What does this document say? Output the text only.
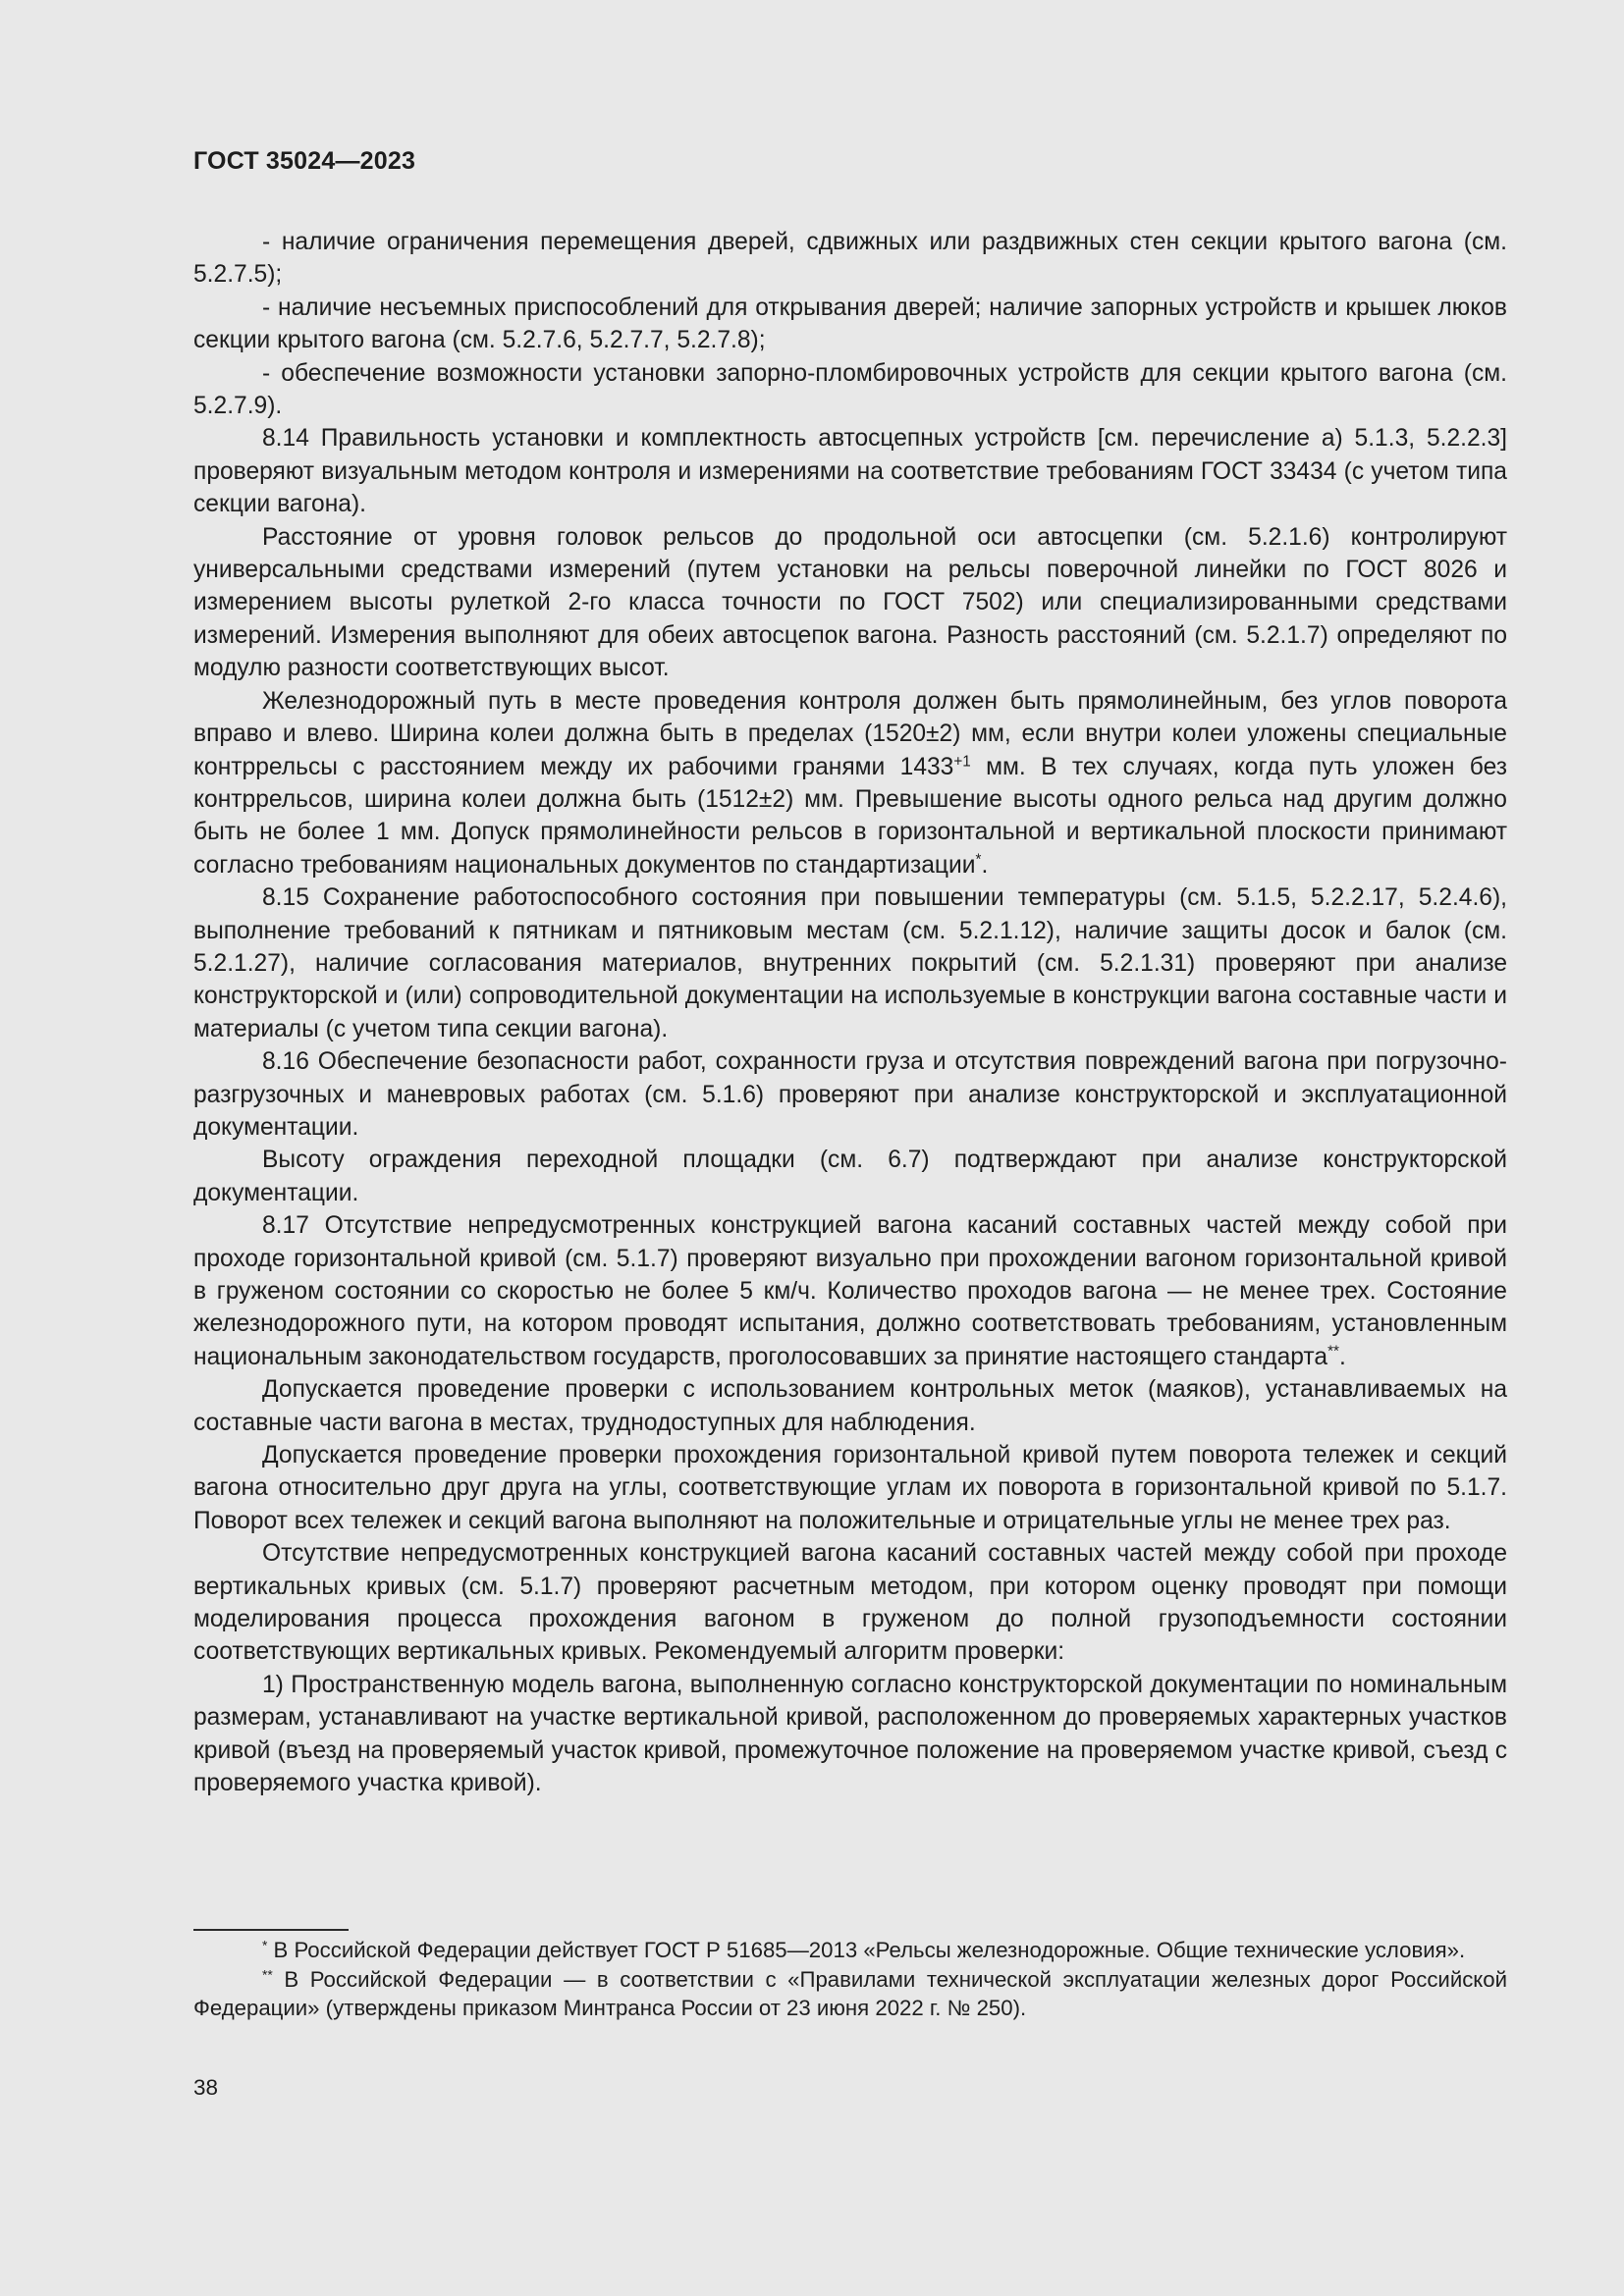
ГОСТ 35024—2023

- наличие ограничения перемещения дверей, сдвижных или раздвижных стен секции крытого вагона (см. 5.2.7.5);

- наличие несъемных приспособлений для открывания дверей; наличие запорных устройств и крышек люков секции крытого вагона (см. 5.2.7.6, 5.2.7.7, 5.2.7.8);

- обеспечение возможности установки запорно-пломбировочных устройств для секции крытого вагона (см. 5.2.7.9).

8.14 Правильность установки и комплектность автосцепных устройств [см. перечисление а) 5.1.3, 5.2.2.3] проверяют визуальным методом контроля и измерениями на соответствие требованиям ГОСТ 33434 (с учетом типа секции вагона).

Расстояние от уровня головок рельсов до продольной оси автосцепки (см. 5.2.1.6) контролируют универсальными средствами измерений (путем установки на рельсы поверочной линейки по ГОСТ 8026 и измерением высоты рулеткой 2-го класса точности по ГОСТ 7502) или специализированными средствами измерений. Измерения выполняют для обеих автосцепок вагона. Разность расстояний (см. 5.2.1.7) определяют по модулю разности соответствующих высот.

Железнодорожный путь в месте проведения контроля должен быть прямолинейным, без углов поворота вправо и влево. Ширина колеи должна быть в пределах (1520±2) мм, если внутри колеи уложены специальные контррельсы с расстоянием между их рабочими гранями $1433^{+1}$ мм. В тех случаях, когда путь уложен без контррельсов, ширина колеи должна быть (1512±2) мм. Превышение высоты одного рельса над другим должно быть не более 1 мм. Допуск прямолинейности рельсов в горизонтальной и вертикальной плоскости принимают согласно требованиям национальных документов по стандартизации*.

8.15 Сохранение работоспособного состояния при повышении температуры (см. 5.1.5, 5.2.2.17, 5.2.4.6), выполнение требований к пятникам и пятниковым местам (см. 5.2.1.12), наличие защиты досок и балок (см. 5.2.1.27), наличие согласования материалов, внутренних покрытий (см. 5.2.1.31) проверяют при анализе конструкторской и (или) сопроводительной документации на используемые в конструкции вагона составные части и материалы (с учетом типа секции вагона).

8.16 Обеспечение безопасности работ, сохранности груза и отсутствия повреждений вагона при погрузочно-разгрузочных и маневровых работах (см. 5.1.6) проверяют при анализе конструкторской и эксплуатационной документации.

Высоту ограждения переходной площадки (см. 6.7) подтверждают при анализе конструкторской документации.

8.17 Отсутствие непредусмотренных конструкцией вагона касаний составных частей между собой при проходе горизонтальной кривой (см. 5.1.7) проверяют визуально при прохождении вагоном горизонтальной кривой в груженом состоянии со скоростью не более 5 км/ч. Количество проходов вагона — не менее трех. Состояние железнодорожного пути, на котором проводят испытания, должно соответствовать требованиям, установленным национальным законодательством государств, проголосовавших за принятие настоящего стандарта**.

Допускается проведение проверки с использованием контрольных меток (маяков), устанавливаемых на составные части вагона в местах, труднодоступных для наблюдения.

Допускается проведение проверки прохождения горизонтальной кривой путем поворота тележек и секций вагона относительно друг друга на углы, соответствующие углам их поворота в горизонтальной кривой по 5.1.7. Поворот всех тележек и секций вагона выполняют на положительные и отрицательные углы не менее трех раз.

Отсутствие непредусмотренных конструкцией вагона касаний составных частей между собой при проходе вертикальных кривых (см. 5.1.7) проверяют расчетным методом, при котором оценку проводят при помощи моделирования процесса прохождения вагоном в груженом до полной грузоподъемности состоянии соответствующих вертикальных кривых. Рекомендуемый алгоритм проверки:

1) Пространственную модель вагона, выполненную согласно конструкторской документации по номинальным размерам, устанавливают на участке вертикальной кривой, расположенном до проверяемых характерных участков кривой (въезд на проверяемый участок кривой, промежуточное положение на проверяемом участке кривой, съезд с проверяемого участка кривой).

* В Российской Федерации действует ГОСТ Р 51685—2013 «Рельсы железнодорожные. Общие технические условия».

** В Российской Федерации — в соответствии с «Правилами технической эксплуатации железных дорог Российской Федерации» (утверждены приказом Минтранса России от 23 июня 2022 г. № 250).

38
